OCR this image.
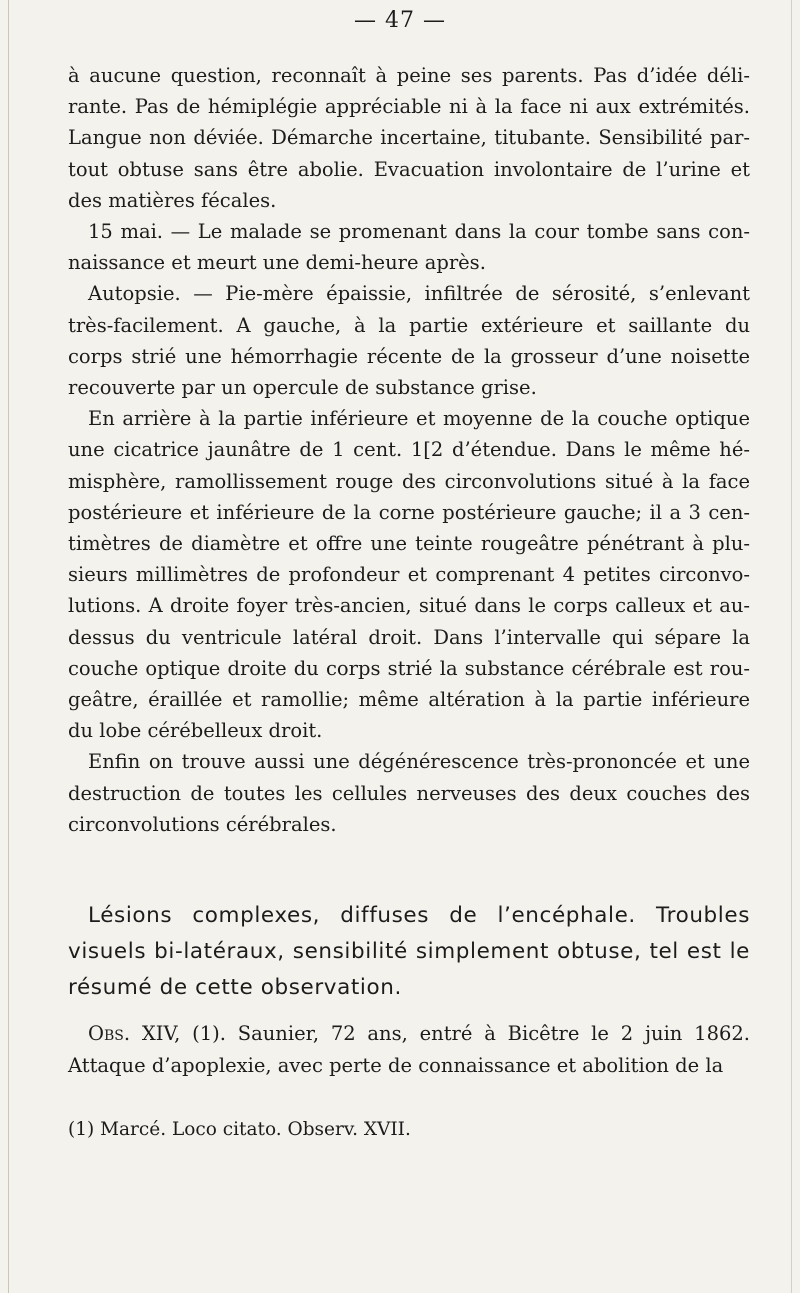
— 47 —

à aucune question, reconnaît à peine ses parents. Pas d’idée déli- rante. Pas de hémiplégie appréciable ni à la face ni aux extrémités. Langue non déviée. Démarche incertaine, titubante. Sensibilité par- tout obtuse sans être abolie. Evacuation involontaire de l’urine et des matières fécales.

15 mai. — Le malade se promenant dans la cour tombe sans con- naissance et meurt une demi-heure après.

Autopsie. — Pie-mère épaissie, infiltrée de sérosité, s’enlevant très-facilement. A gauche, à la partie extérieure et saillante du corps strié une hémorrhagie récente de la grosseur d’une noisette recouverte par un opercule de substance grise.

En arrière à la partie inférieure et moyenne de la couche optique une cicatrice jaunâtre de 1 cent. 1[2 d’étendue. Dans le même hé- misphère, ramollissement rouge des circonvolutions situé à la face postérieure et inférieure de la corne postérieure gauche; il a 3 cen- timètres de diamètre et offre une teinte rougeâtre pénétrant à plu- sieurs millimètres de profondeur et comprenant 4 petites circonvo- lutions. A droite foyer très-ancien, situé dans le corps calleux et au-dessus du ventricule latéral droit. Dans l’intervalle qui sépare la couche optique droite du corps strié la substance cérébrale est rou- geâtre, éraillée et ramollie; même altération à la partie inférieure du lobe cérébelleux droit.

Enfin on trouve aussi une dégénérescence très-prononcée et une destruction de toutes les cellules nerveuses des deux couches des circonvolutions cérébrales.

Lésions complexes, diffuses de l’encéphale. Troubles visuels bi-latéraux, sensibilité simplement obtuse, tel est le résumé de cette observation.

Obs. XIV, (1). Saunier, 72 ans, entré à Bicêtre le 2 juin 1862. Attaque d’apoplexie, avec perte de connaissance et abolition de la

(1) Marcé. Loco citato. Observ. XVII.
